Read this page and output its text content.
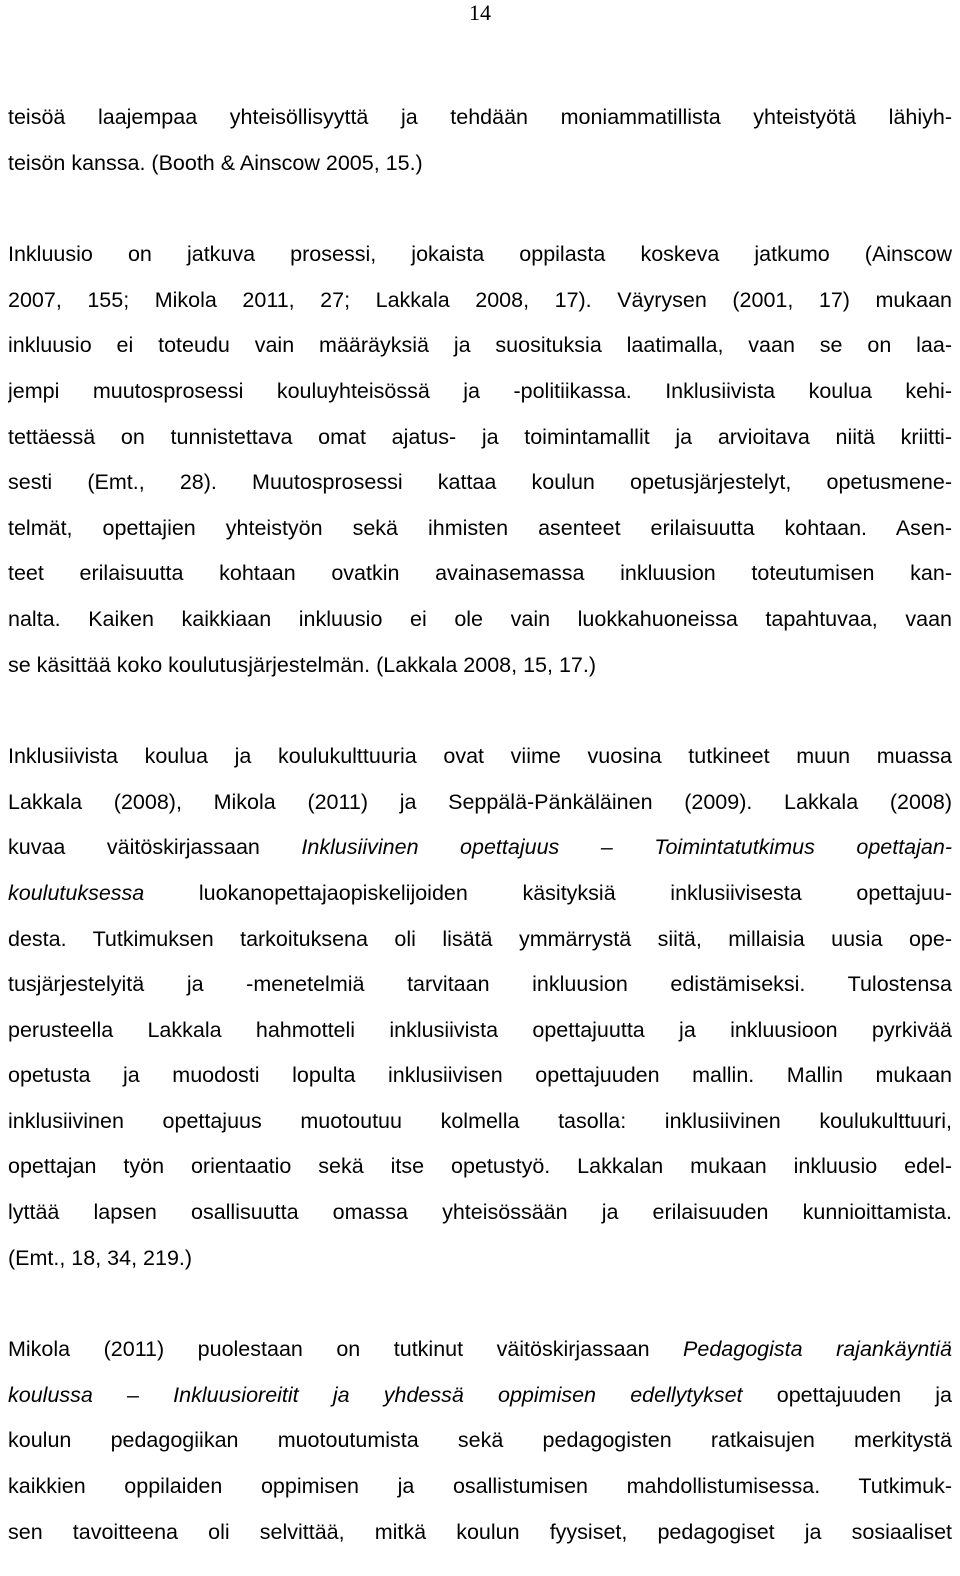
14
teisöä laajempaa yhteisöllisyyttä ja tehdään moniammatillista yhteistyötä lähiyh-
teisön kanssa. (Booth & Ainscow 2005, 15.)
Inkluusio on jatkuva prosessi, jokaista oppilasta koskeva jatkumo (Ainscow
2007, 155; Mikola 2011, 27; Lakkala 2008, 17). Väyrysen (2001, 17) mukaan
inkluusio ei toteudu vain määräyksiä ja suosituksia laatimalla, vaan se on laa-
jempi muutosprosessi kouluyhteisössä ja -politiikassa. Inklusiivista koulua kehi-
tettäessä on tunnistettava omat ajatus- ja toimintamallit ja arvioitava niitä kriitti-
sesti (Emt., 28). Muutosprosessi kattaa koulun opetusjärjestelyt, opetusmene-
telmät, opettajien yhteistyön sekä ihmisten asenteet erilaisuutta kohtaan. Asen-
teet erilaisuutta kohtaan ovatkin avainasemassa inkluusion toteutumisen kan-
nalta. Kaiken kaikkiaan inkluusio ei ole vain luokkahuoneissa tapahtuvaa, vaan
se käsittää koko koulutusjärjestelmän. (Lakkala 2008, 15, 17.)
Inklusiivista koulua ja koulukulttuuria ovat viime vuosina tutkineet muun muassa
Lakkala (2008), Mikola (2011) ja Seppälä-Pänkäläinen (2009). Lakkala (2008)
kuvaa väitöskirjassaan Inklusiivinen opettajuus – Toimintatutkimus opettajan-
koulutuksessa luokanopettajaopiskelijoiden käsityksiä inklusiivisesta opettajuu-
desta. Tutkimuksen tarkoituksena oli lisätä ymmärrystä siitä, millaisia uusia ope-
tusjärjestelyitä ja -menetelmiä tarvitaan inkluusion edistämiseksi. Tulostensa
perusteella Lakkala hahmotteli inklusiivista opettajuutta ja inkluusioon pyrkivää
opetusta ja muodosti lopulta inklusiivisen opettajuuden mallin. Mallin mukaan
inklusiivinen opettajuus muotoutuu kolmella tasolla: inklusiivinen koulukulttuuri,
opettajan työn orientaatio sekä itse opetustyö. Lakkalan mukaan inkluusio edel-
lyttää lapsen osallisuutta omassa yhteisössään ja erilaisuuden kunnioittamista.
(Emt., 18, 34, 219.)
Mikola (2011) puolestaan on tutkinut väitöskirjassaan Pedagogista rajankäyntiä
koulussa – Inkluusioreitit ja yhdessä oppimisen edellytykset opettajuuden ja
koulun pedagogiikan muotoutumista sekä pedagogisten ratkaisujen merkitystä
kaikkien oppilaiden oppimisen ja osallistumisen mahdollistumisessa. Tutkimuk-
sen tavoitteena oli selvittää, mitkä koulun fyysiset, pedagogiset ja sosiaaliset
